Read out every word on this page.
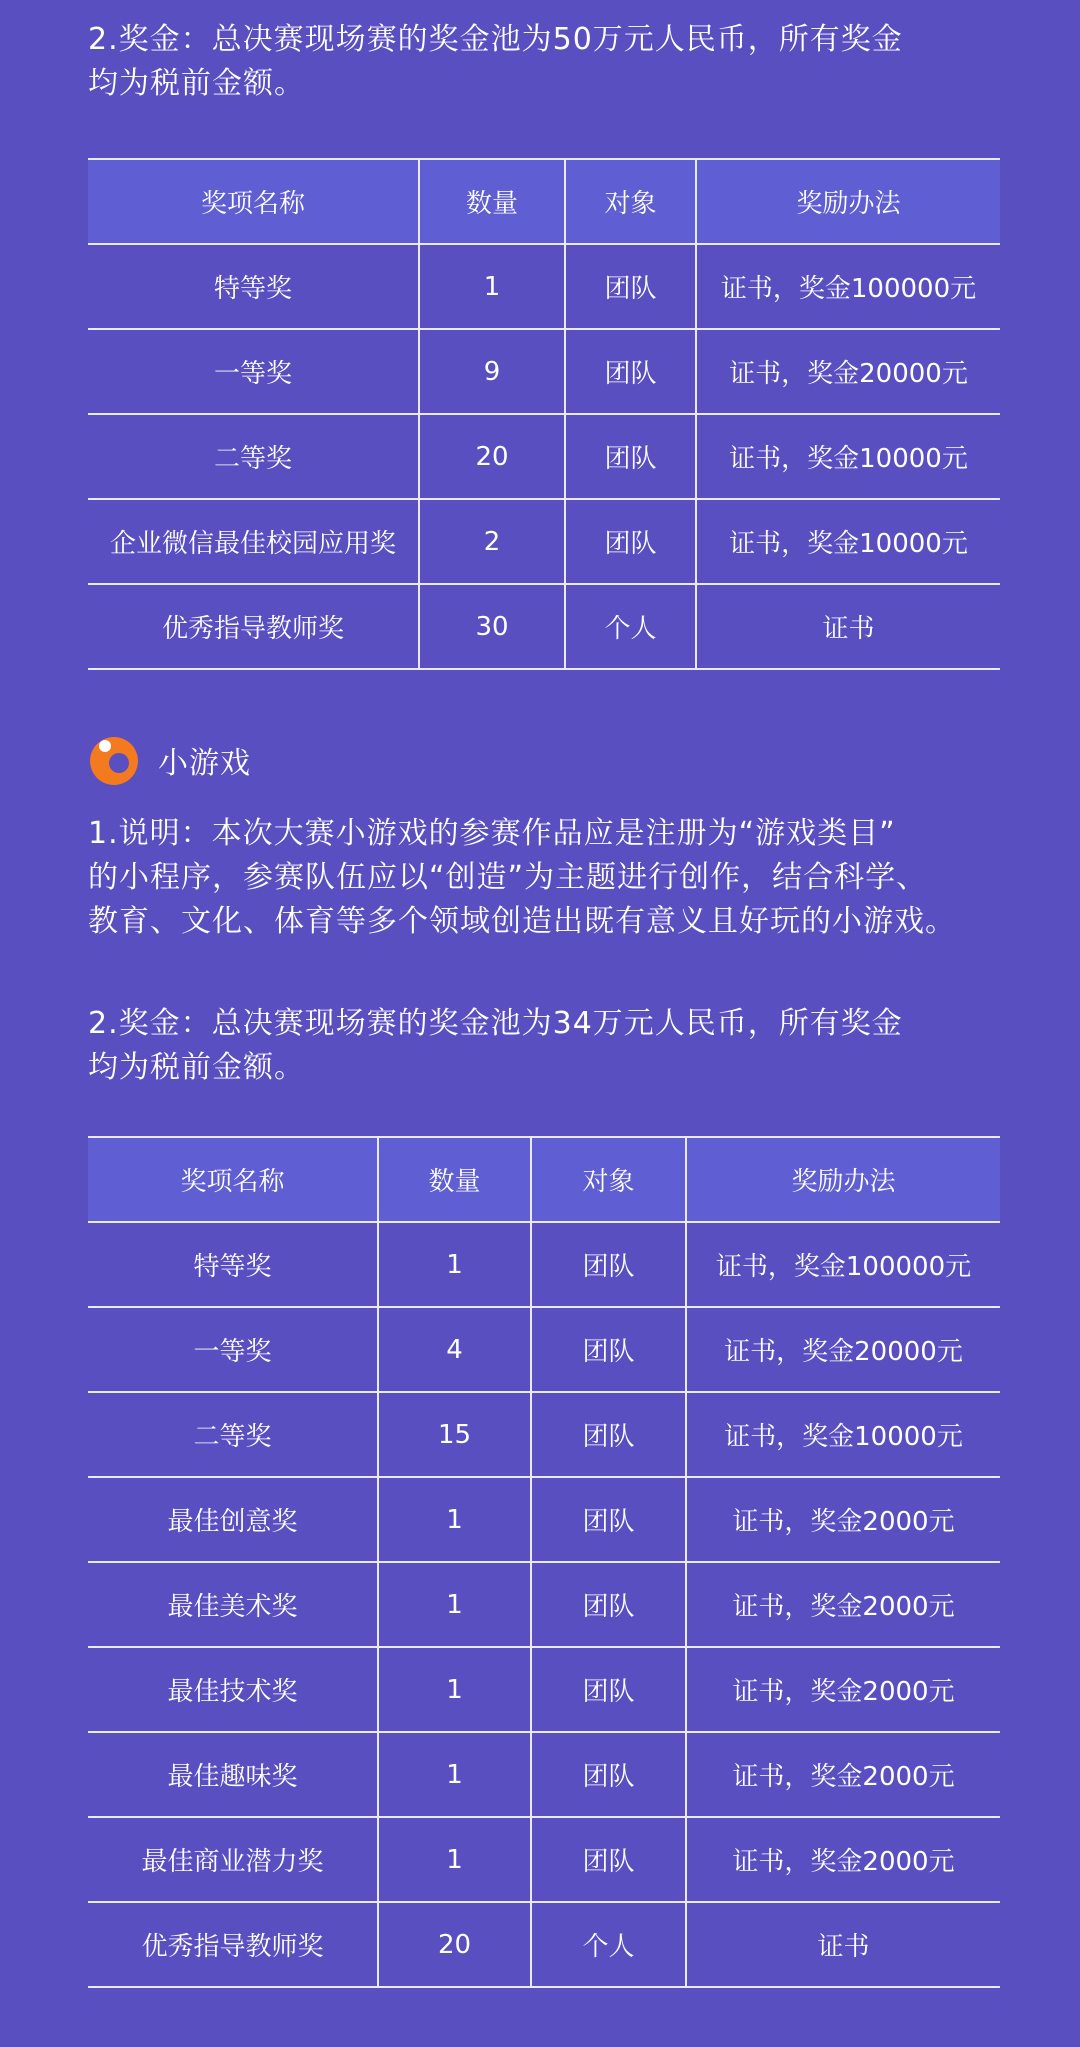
2.奖金：总决赛现场赛的奖金池为50万元人民币，所有奖金
均为税前金额。

奖项名称	数量	对象	奖励办法
特等奖	1	团队	证书，奖金100000元
一等奖	9	团队	证书，奖金20000元
二等奖	20	团队	证书，奖金10000元
企业微信最佳校园应用奖	2	团队	证书，奖金10000元
优秀指导教师奖	30	个人	证书
小游戏

1.说明：本次大赛小游戏的参赛作品应是注册为“游戏类目”
的小程序，参赛队伍应以“创造”为主题进行创作，结合科学、
教育、文化、体育等多个领域创造出既有意义且好玩的小游戏。

2.奖金：总决赛现场赛的奖金池为34万元人民币，所有奖金
均为税前金额。

奖项名称	数量	对象	奖励办法
特等奖	1	团队	证书，奖金100000元
一等奖	4	团队	证书，奖金20000元
二等奖	15	团队	证书，奖金10000元
最佳创意奖	1	团队	证书，奖金2000元
最佳美术奖	1	团队	证书，奖金2000元
最佳技术奖	1	团队	证书，奖金2000元
最佳趣味奖	1	团队	证书，奖金2000元
最佳商业潜力奖	1	团队	证书，奖金2000元
优秀指导教师奖	20	个人	证书
